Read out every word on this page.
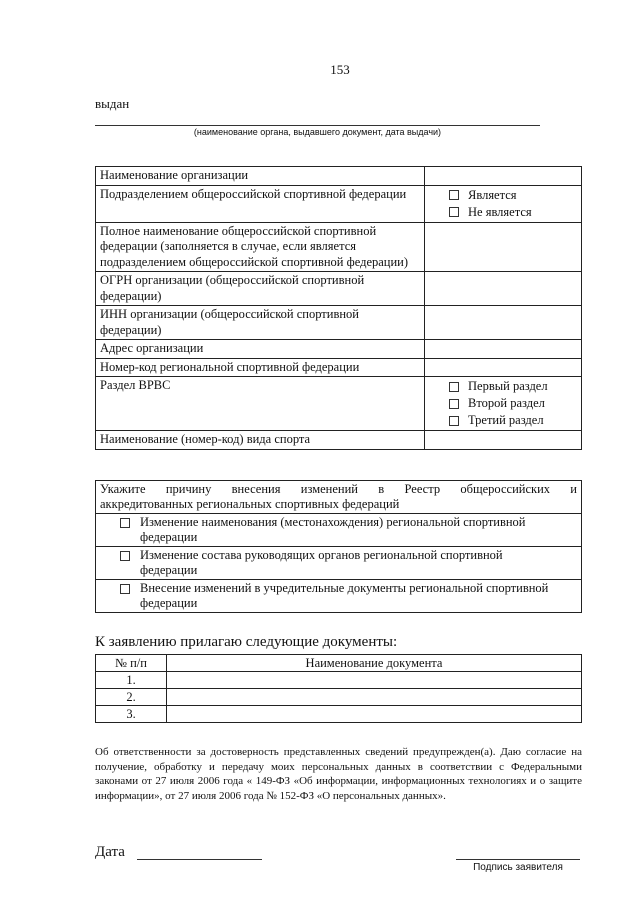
153
выдан
(наименование органа, выдавшего документ, дата выдачи)
Наименование организации	
Подразделением общероссийской спортивной федерации	Является
Не является

Полное наименование общероссийской спортивной федерации (заполняется в случае, если является подразделением общероссийской спортивной федерации)	
ОГРН организации (общероссийской спортивной федерации)	
ИНН организации (общероссийской спортивной федерации)	
Адрес организации	
Номер-код региональной спортивной федерации	
Раздел ВРВС	Первый раздел
Второй раздел
Третий раздел

Наименование (номер-код) вида спорта	
Укажите причину внесения изменений в Реестр общероссийских и
аккредитованных региональных спортивных федераций

Изменение наименования (местонахождения) региональной спортивной федерации

Изменение состава руководящих органов региональной спортивной федерации

Внесение изменений в учредительные документы региональной спортивной федерации
К заявлению прилагаю следующие документы:
№ п/п	Наименование документа
1.	
2.	
3.	
Об ответственности за достоверность представленных сведений предупрежден(а). Даю согласие на получение, обработку и передачу моих персональных данных в соответствии с Федеральными законами от 27 июля 2006 года « 149-ФЗ «Об информации, информационных технологиях и о защите информации», от 27 июля 2006 года № 152-ФЗ «О персональных данных».
Дата
Подпись заявителя
